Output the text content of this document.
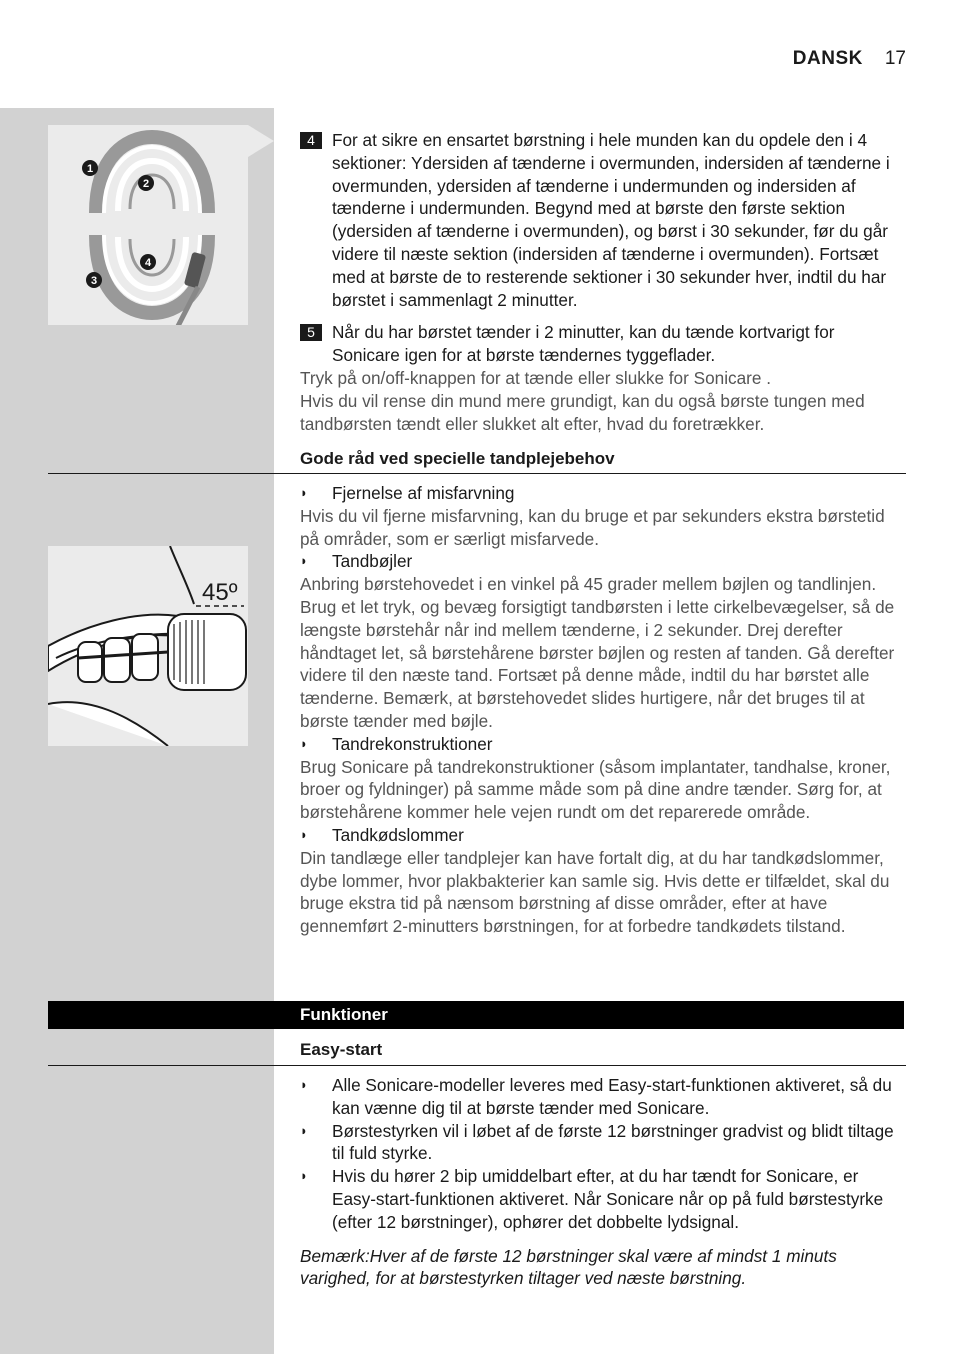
DANSK 17
1
2
3
4
45º
4 For at sikre en ensartet børstning i hele munden kan du opdele den i 4 sektioner: Ydersiden af tænderne i overmunden, indersiden af tænderne i overmunden, ydersiden af tænderne i undermunden og indersiden af tænderne i undermunden. Begynd med at børste den første sektion (ydersiden af tænderne i overmunden), og børst i 30 sekunder, før du går videre til næste sektion (indersiden af tænderne i overmunden). Fortsæt med at børste de to resterende sektioner i 30 sekunder hver, indtil du har børstet i sammenlagt 2 minutter.
5 Når du har børstet tænder i 2 minutter, kan du tænde kortvarigt for Sonicare igen for at børste tændernes tyggeflader.
Tryk på on/off-knappen for at tænde eller slukke for Sonicare .
Hvis du vil rense din mund mere grundigt, kan du også børste tungen med tandbørsten tændt eller slukket alt efter, hvad du foretrækker.
Gode råd ved specielle tandplejebehov
◗	Fjernelse af misfarvning
Hvis du vil fjerne misfarvning, kan du bruge et par sekunders ekstra børstetid på områder, som er særligt misfarvede.
◗	Tandbøjler
Anbring børstehovedet i en vinkel på 45 grader mellem bøjlen og tandlinjen. Brug et let tryk, og bevæg forsigtigt tandbørsten i lette cirkelbevægelser, så de længste børstehår når ind mellem tænderne, i 2 sekunder. Drej derefter håndtaget let, så børstehårene børster bøjlen og resten af tanden. Gå derefter videre til den næste tand. Fortsæt på denne måde, indtil du har børstet alle tænderne. Bemærk, at børstehovedet slides hurtigere, når det bruges til at børste tænder med bøjle.
◗	Tandrekonstruktioner
Brug Sonicare på tandrekonstruktioner (såsom implantater, tandhalse, kroner, broer og fyldninger) på samme måde som på dine andre tænder. Sørg for, at børstehårene kommer hele vejen rundt om det reparerede område.
◗	Tandkødslommer
Din tandlæge eller tandplejer kan have fortalt dig, at du har tandkødslommer, dybe lommer, hvor plakbakterier kan samle sig. Hvis dette er tilfældet, skal du bruge ekstra tid på nænsom børstning af disse områder, efter at have gennemført 2-minutters børstningen, for at forbedre tandkødets tilstand.
Funktioner
Easy-start
◗	Alle Sonicare-modeller leveres med Easy-start-funktionen aktiveret, så du kan vænne dig til at børste tænder med Sonicare.
◗	Børstestyrken vil i løbet af de første 12 børstninger gradvist og blidt tiltage til fuld styrke.
◗	Hvis du hører 2 bip umiddelbart efter, at du har tændt for Sonicare, er Easy-start-funktionen aktiveret. Når Sonicare når op på fuld børstestyrke (efter 12 børstninger), ophører det dobbelte lydsignal.
Bemærk:Hver af de første 12 børstninger skal være af mindst 1 minuts varighed, for at børstestyrken tiltager ved næste børstning.
